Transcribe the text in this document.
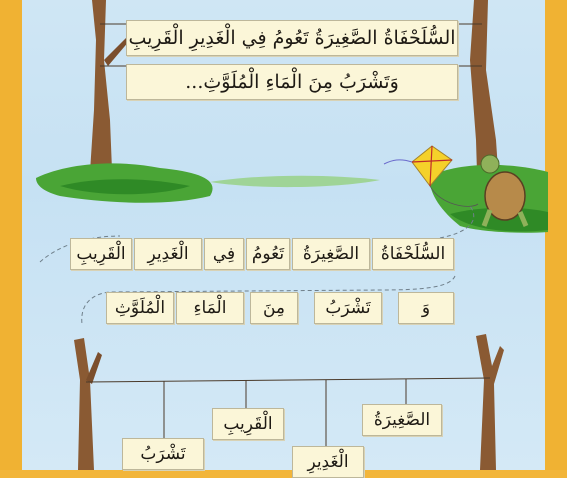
السُّلَحْفَاةُ الصَّغِيرَةُ تَعُومُ فِي الْغَدِيرِ الْقَرِيبِ
وَتَشْرَبُ مِنَ الْمَاءِ الْمُلَوَّثِ...
السُّلَحْفَاةُ
الصَّغِيرَةُ
تَعُومُ
فِي
الْغَدِيرِ
الْقَرِيبِ
وَ
تَشْرَبُ
مِنَ
الْمَاءِ
الْمُلَوَّثِ
الصَّغِيرَةُ
الْقَرِيبِ
الْغَدِيرِ
تَشْرَبُ
